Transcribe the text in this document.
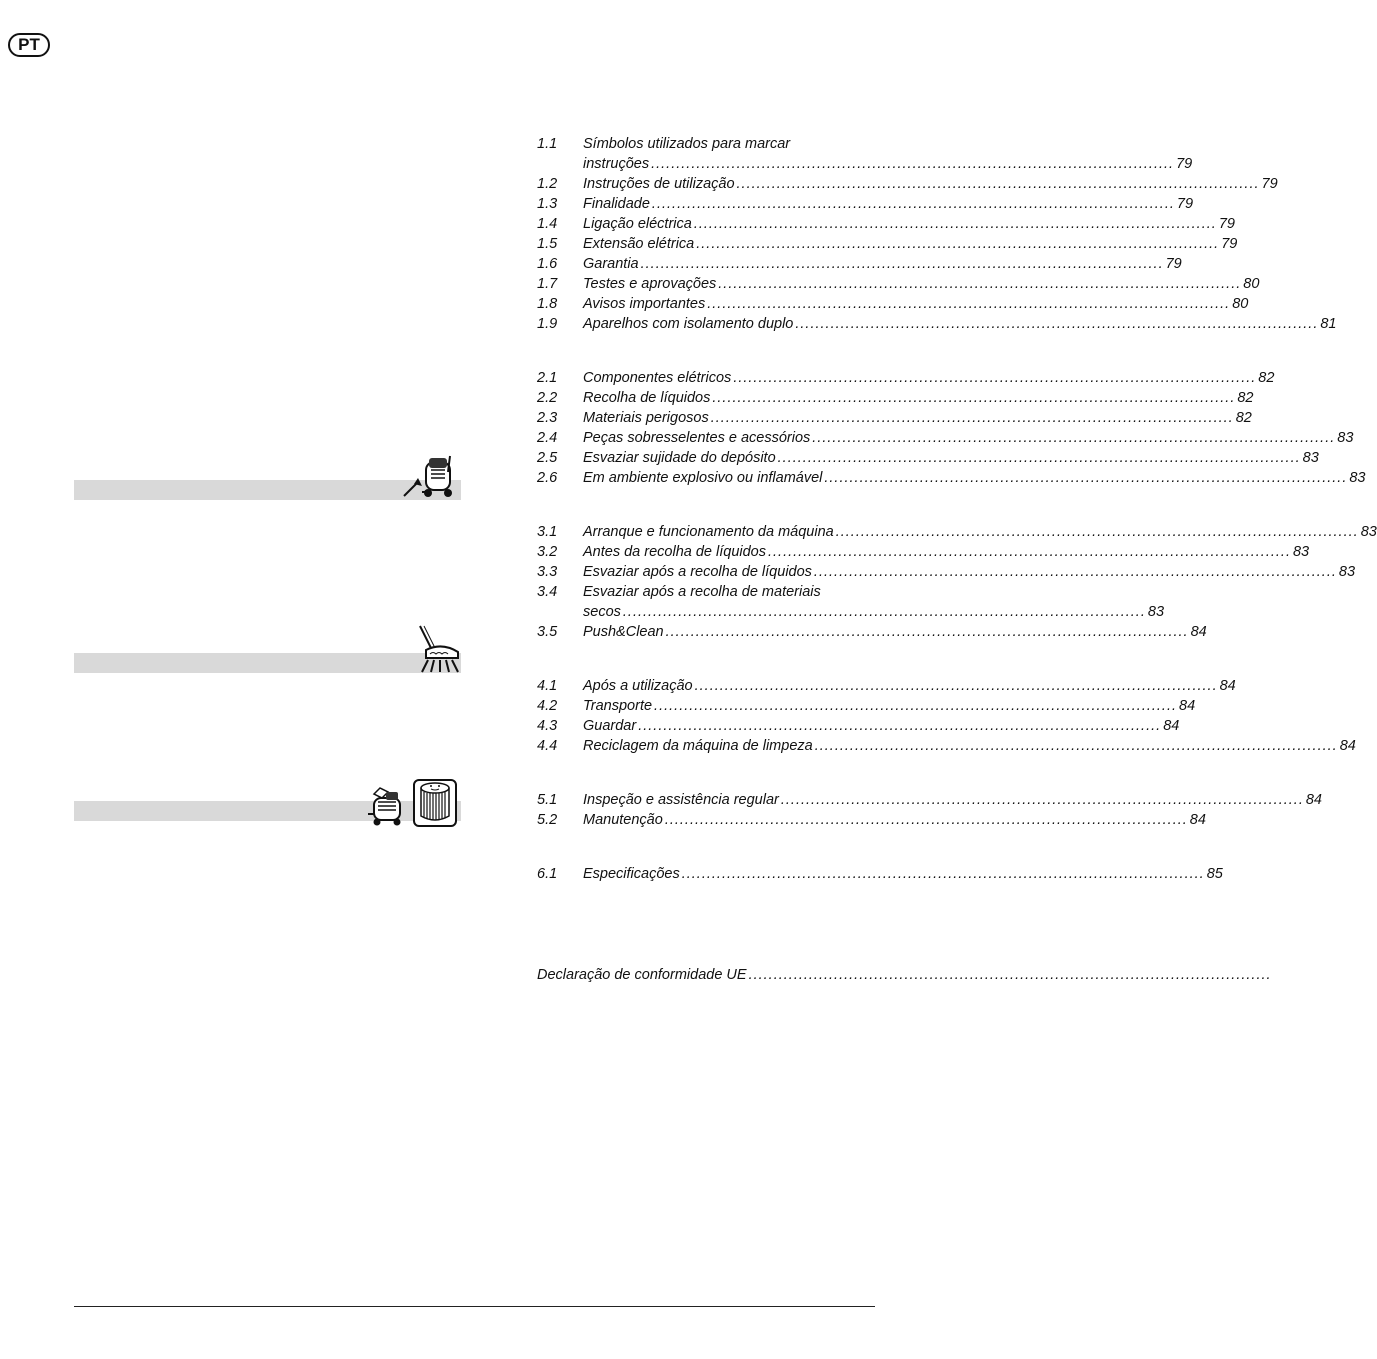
PT
1.1	Símbolos utilizados para marcar
instruções ........................................................................................................ 79
1.2	Instruções de utilização ........................................................................................................ 79
1.3	Finalidade ........................................................................................................ 79
1.4	Ligação eléctrica ........................................................................................................ 79
1.5	Extensão elétrica ........................................................................................................ 79
1.6	Garantia ........................................................................................................ 79
1.7	Testes e aprovações ........................................................................................................ 80
1.8	Avisos importantes ........................................................................................................ 80
1.9	Aparelhos com isolamento duplo ........................................................................................................ 81
2.1	Componentes elétricos ........................................................................................................ 82
2.2	Recolha de líquidos ........................................................................................................ 82
2.3	Materiais perigosos ........................................................................................................ 82
2.4	Peças sobresselentes e acessórios ........................................................................................................ 83
2.5	Esvaziar sujidade do depósito ........................................................................................................ 83
2.6	Em ambiente explosivo ou inflamável ........................................................................................................ 83
3.1	Arranque e funcionamento da máquina ........................................................................................................ 83
3.2	Antes da recolha de líquidos ........................................................................................................ 83
3.3	Esvaziar após a recolha de líquidos ........................................................................................................ 83
3.4	Esvaziar após a recolha de materiais
secos ........................................................................................................ 83
3.5	Push&Clean ........................................................................................................ 84
4.1	Após a utilização ........................................................................................................ 84
4.2	Transporte ........................................................................................................ 84
4.3	Guardar ........................................................................................................ 84
4.4	Reciclagem da máquina de limpeza ........................................................................................................ 84
5.1	Inspeção e assistência regular ........................................................................................................ 84
5.2	Manutenção ........................................................................................................ 84
6.1	Especificações ........................................................................................................ 85
Declaração de conformidade UE ........................................................................................................
